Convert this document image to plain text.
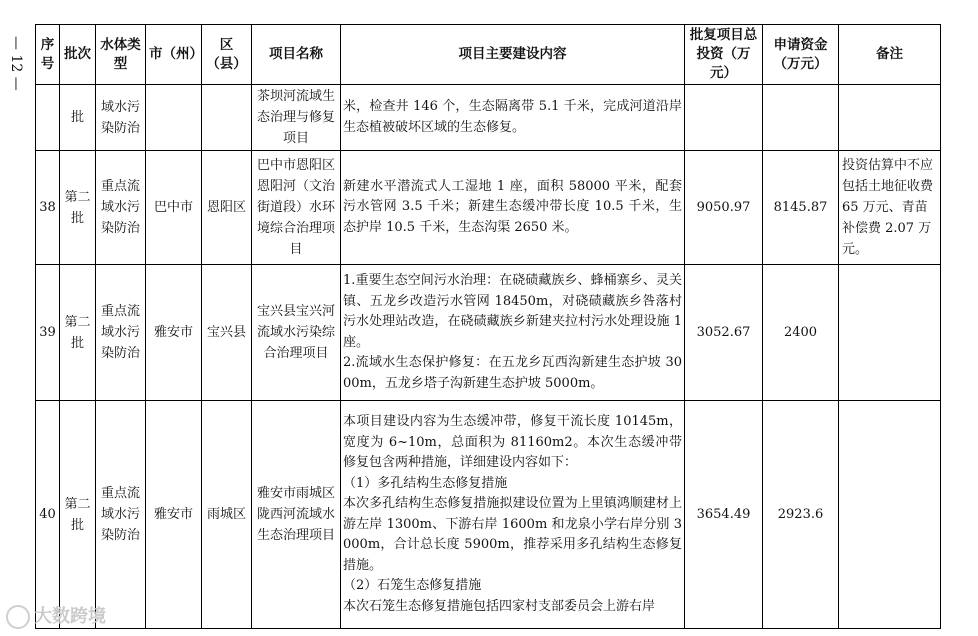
— 12 — 序号	批次	水体类型	市（州）	区（县）	项目名称	项目主要建设内容	批复项目总投资（万元）	申请资金（万元）	备注
	批	域水污染防治			茶坝河流域生态治理与修复项目	米，检查井 146 个，生态隔离带 5.1 千米，完成河道沿岸生态植被破坏区域的生态修复。			

38	第二批	重点流域水污染防治	巴中市	恩阳区	巴中市恩阳区恩阳河（文治街道段）水环境综合治理项目	新建水平潜流式人工湿地 1 座，面积 58000 平米，配套污水管网 3.5 千米；新建生态缓冲带长度 10.5 千米，生态护岸 10.5 千米，生态沟渠 2650 米。	9050.97	8145.87	投资估算中不应包括土地征收费 65 万元、青苗补偿费 2.07 万元。
39	第二批	重点流域水污染防治	雅安市	宝兴县	宝兴县宝兴河流域水污染综合治理项目	1.重要生态空间污水治理：在硗碛藏族乡、蜂桶寨乡、灵关镇、五龙乡改造污水管网 18450m，对硗碛藏族乡咎落村污水处理站改造，在硗碛藏族乡新建夹拉村污水处理设施 1 座。
2.流域水生态保护修复：在五龙乡瓦西沟新建生态护坡 3000m，五龙乡塔子沟新建生态护坡 5000m。	3052.67	2400	
40	第二批	重点流域水污染防治	雅安市	雨城区	雅安市雨城区陇西河流域水生态治理项目	本项目建设内容为生态缓冲带，修复干流长度 10145m，宽度为 6~10m，总面积为 81160m2。本次生态缓冲带修复包含两种措施，详细建设内容如下：
（1）多孔结构生态修复措施
本次多孔结构生态修复措施拟建设位置为上里镇鸿顺建材上游左岸 1300m、下游右岸 1600m 和龙泉小学右岸分别 3000m，合计总长度 5900m，推荐采用多孔结构生态修复措施。
（2）石笼生态修复措施
本次石笼生态修复措施包括四家村支部委员会上游右岸	3654.49	2923.6	
大数跨境
